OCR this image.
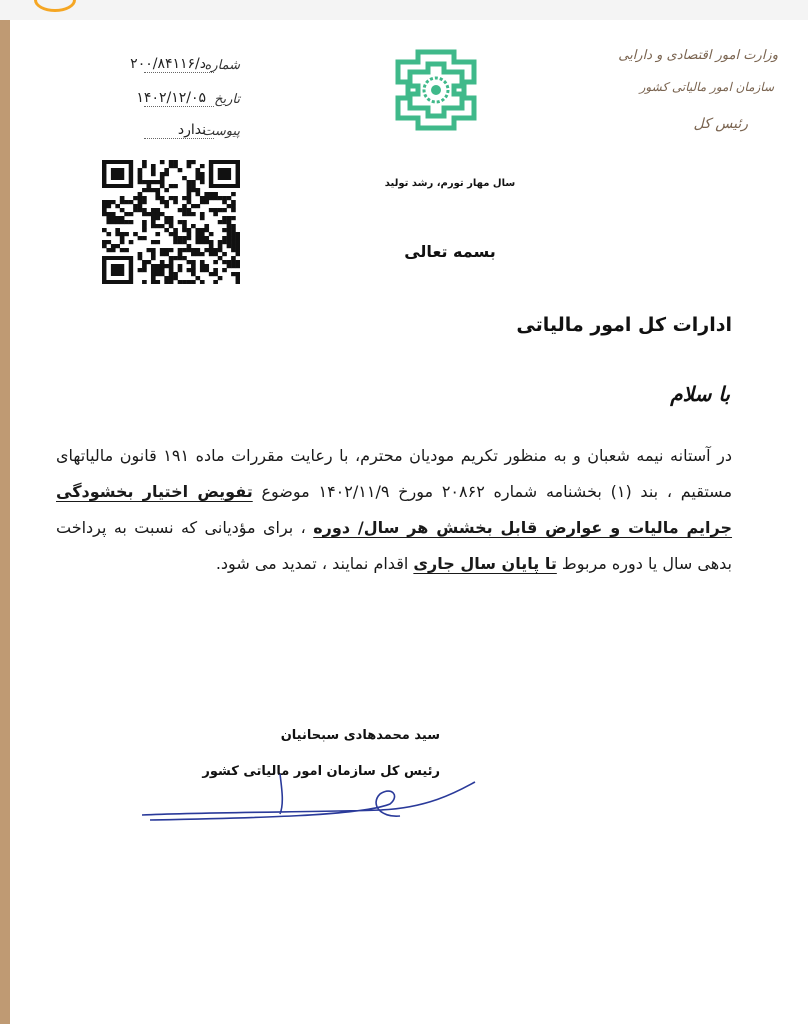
شماره
د/۲۰۰/۸۴۱۱۶
تاریخ
۱۴۰۲/۱۲/۰۵
پیوست
ندارد
سال مهار تورم، رشد تولید
وزارت امور اقتصادی و دارایی
سازمان امور مالیاتی کشور
رئیس کل
بسمه تعالی
ادارات کل امور مالیاتی
با سلام
در آستانه نیمه شعبان و به منظور تکریم مودیان محترم، با رعایت مقررات ماده ۱۹۱ قانون مالیاتهای مستقیم ، بند (۱) بخشنامه شماره ۲۰۸۶۲ مورخ ۱۴۰۲/۱۱/۹ موضوع تفویض اختیار بخشودگی جرایم مالیات و عوارض قابل بخشش هر سال/ دوره ، برای مؤدیانی که نسبت به پرداخت بدهی سال یا دوره مربوط تا پایان سال جاری اقدام نمایند ، تمدید می شود.
سید محمدهادی سبحانیان
رئیس کل سازمان امور مالیاتی کشور
